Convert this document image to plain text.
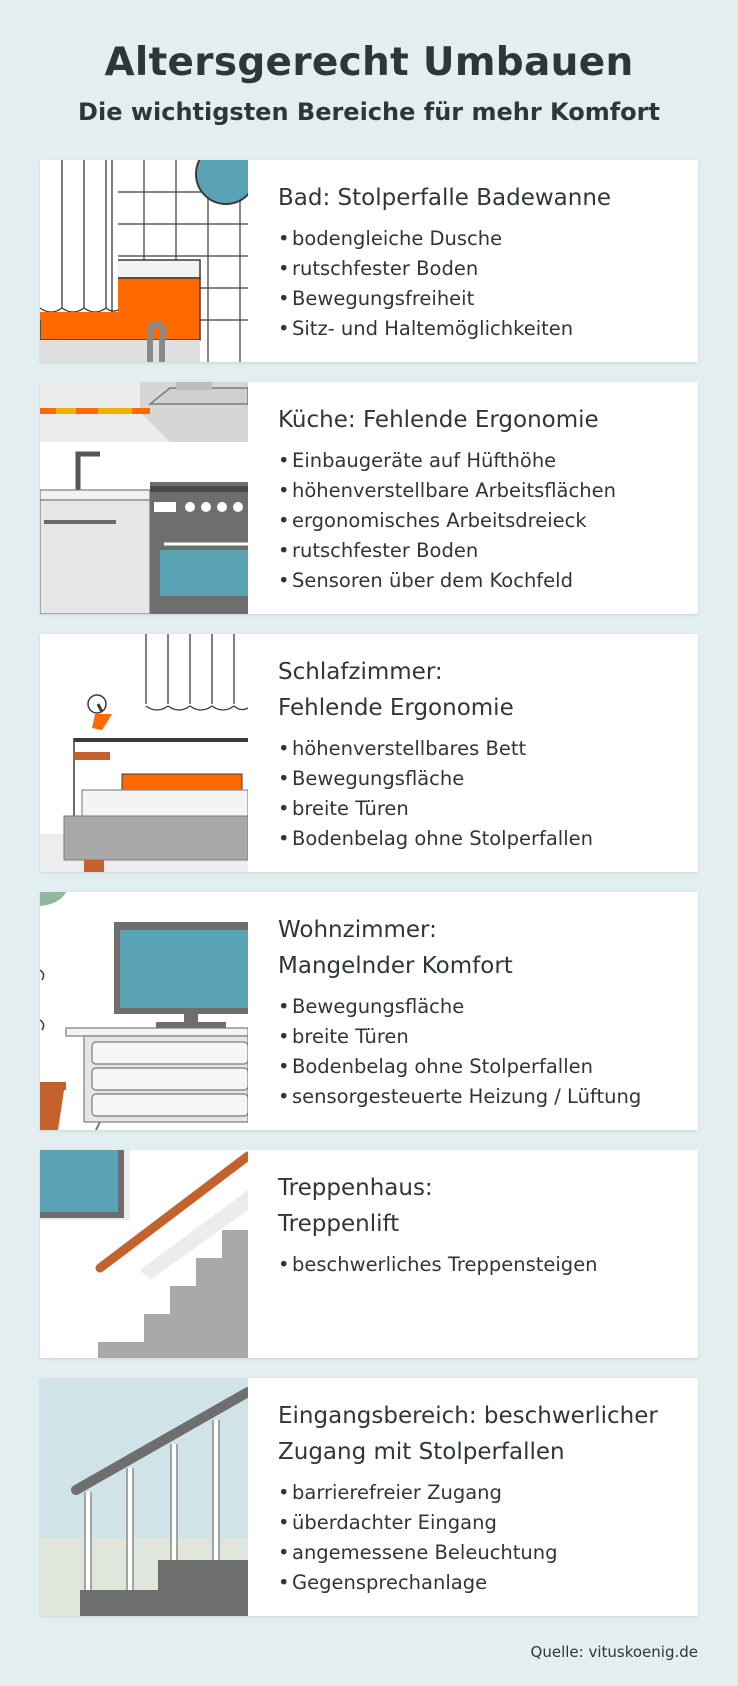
Altersgerecht Umbauen
Die wichtigsten Bereiche für mehr Komfort
Bad: Stolperfalle Badewanne
• bodengleiche Dusche
• rutschfester Boden
• Bewegungsfreiheit
• Sitz- und Haltemöglichkeiten
Küche: Fehlende Ergonomie
• Einbaugeräte auf Hüfthöhe
• höhenverstellbare Arbeitsflächen
• ergonomisches Arbeitsdreieck
• rutschfester Boden
• Sensoren über dem Kochfeld
Schlafzimmer:
Fehlende Ergonomie
• höhenverstellbares Bett
• Bewegungsfläche
• breite Türen
• Bodenbelag ohne Stolperfallen
Wohnzimmer:
Mangelnder Komfort
• Bewegungsfläche
• breite Türen
• Bodenbelag ohne Stolperfallen
• sensorgesteuerte Heizung / Lüftung
Treppenhaus:
Treppenlift
• beschwerliches Treppensteigen
Eingangsbereich: beschwerlicher
Zugang mit Stolperfallen
• barrierefreier Zugang
• überdachter Eingang
• angemessene Beleuchtung
• Gegensprechanlage
Quelle: vituskoenig.de
